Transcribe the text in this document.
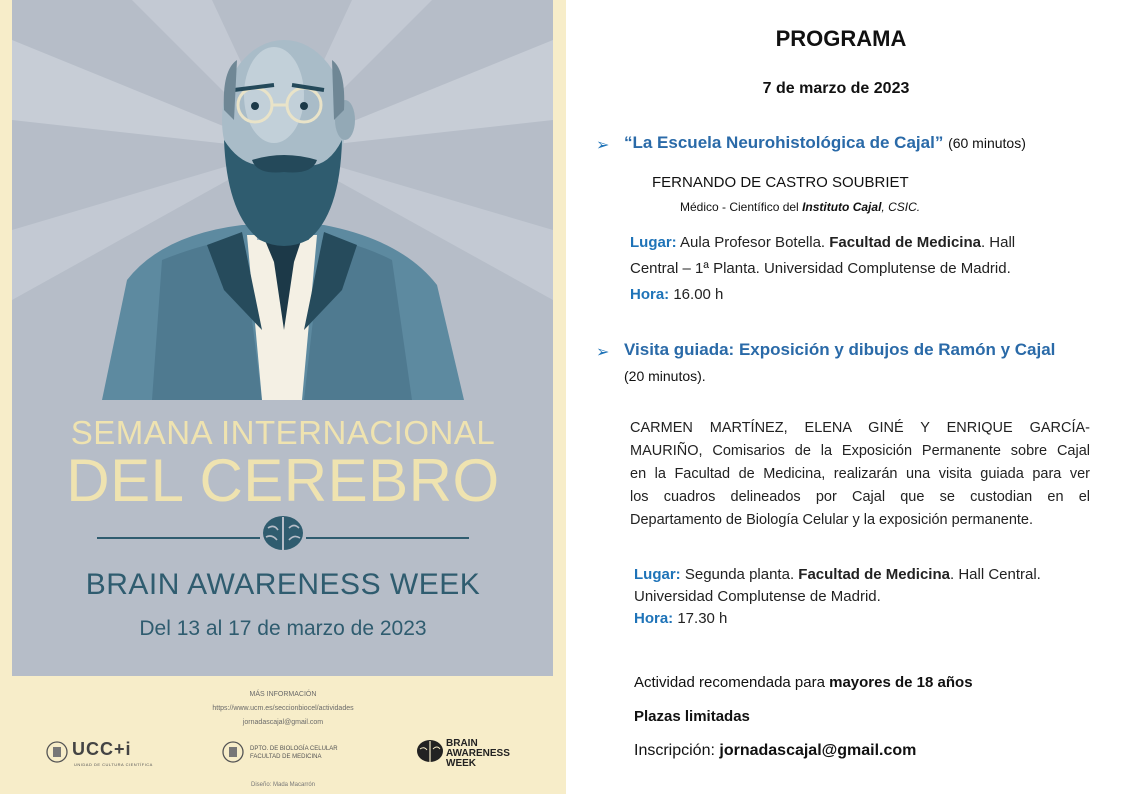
SEMANA INTERNACIONAL
DEL CEREBRO
BRAIN AWARENESS WEEK
Del 13 al 17 de marzo de 2023
MÁS INFORMACIÓN
https://www.ucm.es/seccionbiocel/actividades
jornadascajal@gmail.com
UCC+i
UNIDAD DE CULTURA CIENTÍFICA
DPTO. DE BIOLOGÍA CELULAR
FACULTAD DE MEDICINA
BRAIN
AWARENESS
WEEK
Diseño: Mada Macarrón
PROGRAMA
7 de marzo de 2023
➢ “La Escuela Neurohistológica de Cajal” (60 minutos)
FERNANDO DE CASTRO SOUBRIET
Médico - Científico del Instituto Cajal, CSIC.
Lugar: Aula Profesor Botella. Facultad de Medicina. Hall
Central – 1ª Planta. Universidad Complutense de Madrid.
Hora: 16.00 h
➢ Visita guiada: Exposición y dibujos de Ramón y Cajal
(20 minutos).
CARMEN MARTÍNEZ, ELENA GINÉ Y ENRIQUE GARCÍA-
MAURIÑO, Comisarios de la Exposición Permanente sobre Cajal
en la Facultad de Medicina, realizarán una visita guiada para ver
los cuadros delineados por Cajal que se custodian en el
Departamento de Biología Celular y la exposición permanente.
Lugar: Segunda planta. Facultad de Medicina. Hall Central.
Universidad Complutense de Madrid.
Hora: 17.30 h
Actividad recomendada para mayores de 18 años
Plazas limitadas
Inscripción: jornadascajal@gmail.com
